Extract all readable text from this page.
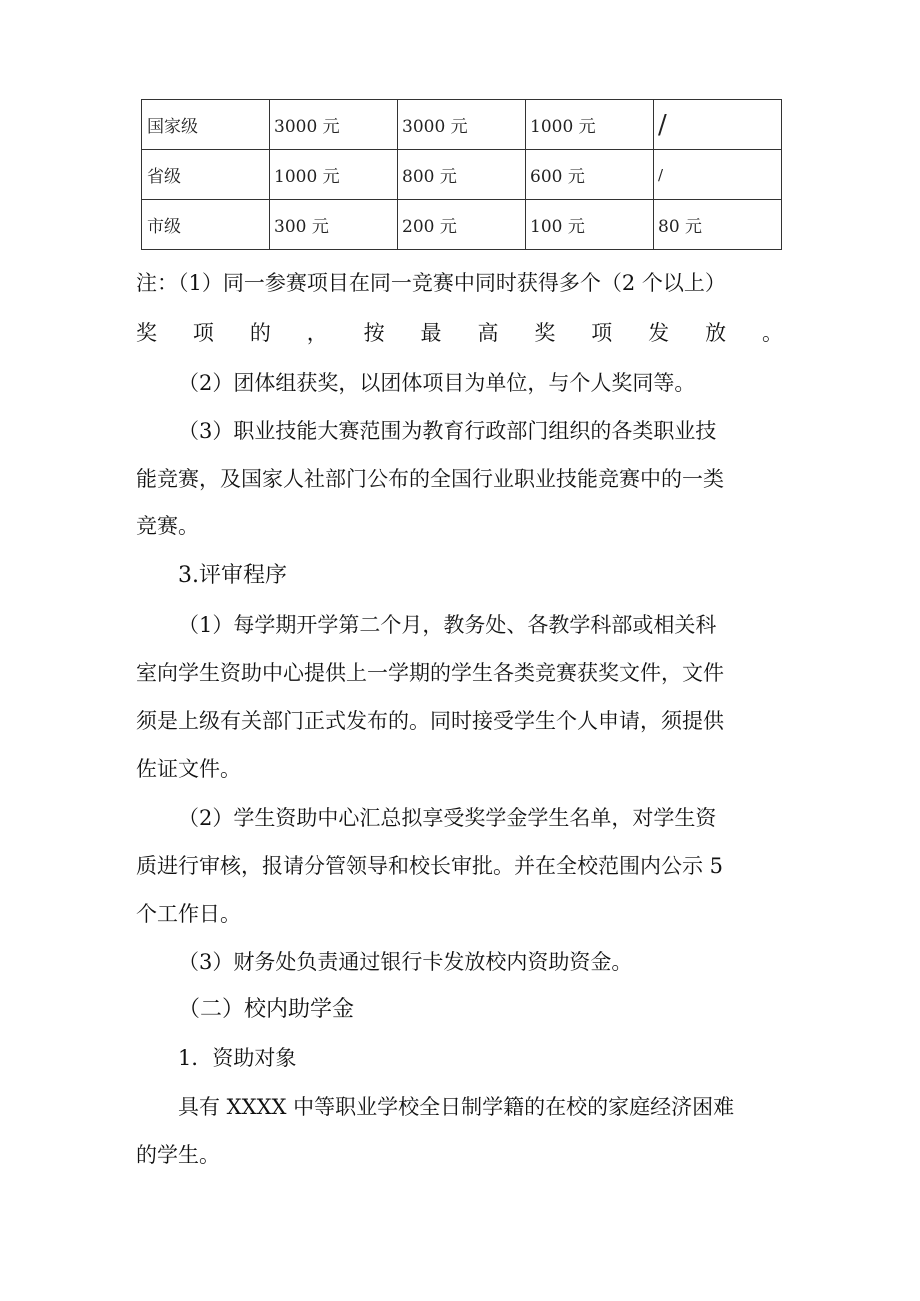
国家级	3000 元	3000 元	1000 元	/
省级	1000 元	800 元	600 元	/
市级	300 元	200 元	100 元	80 元

注：（1）同一参赛项目在同一竞赛中同时获得多个（2 个以上）

奖 项 的 ， 按 最 高 奖 项 发 放 。

（2）团体组获奖，以团体项目为单位，与个人奖同等。

（3）职业技能大赛范围为教育行政部门组织的各类职业技

能竞赛，及国家人社部门公布的全国行业职业技能竞赛中的一类

竞赛。

3.评审程序

（1）每学期开学第二个月，教务处、各教学科部或相关科

室向学生资助中心提供上一学期的学生各类竞赛获奖文件，文件

须是上级有关部门正式发布的。同时接受学生个人申请，须提供

佐证文件。

（2）学生资助中心汇总拟享受奖学金学生名单，对学生资

质进行审核，报请分管领导和校长审批。并在全校范围内公示 5

个工作日。

（3）财务处负责通过银行卡发放校内资助资金。

（二）校内助学金

1．资助对象

具有 XXXX 中等职业学校全日制学籍的在校的家庭经济困难

的学生。
